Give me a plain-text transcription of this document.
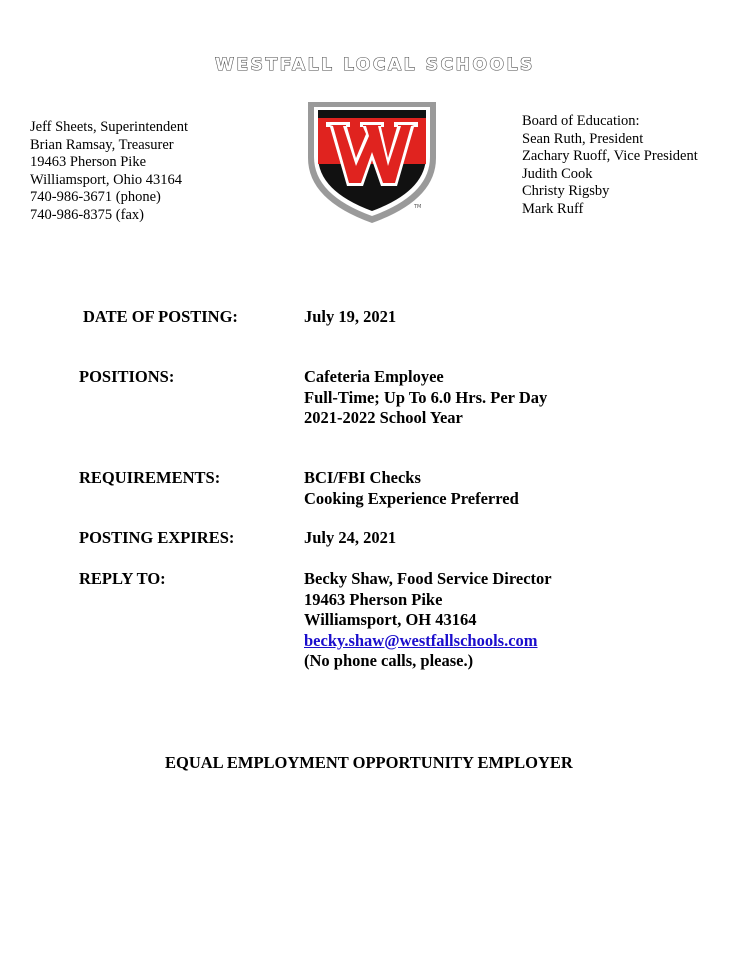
WESTFALL LOCAL SCHOOLS
Jeff Sheets, Superintendent
Brian Ramsay, Treasurer
19463 Pherson Pike
Williamsport, Ohio 43164
740-986-3671 (phone)
740-986-8375 (fax)	TM
Board of Education:
Sean Ruth, President
Zachary Ruoff, Vice President
Judith Cook
Christy Rigsby
Mark Ruff
DATE OF POSTING:	July 19, 2021
POSITIONS:	Cafeteria Employee
Full-Time; Up To 6.0 Hrs. Per Day
2021-2022 School Year
REQUIREMENTS:	BCI/FBI Checks
Cooking Experience Preferred
POSTING EXPIRES:	July 24, 2021
REPLY TO:	Becky Shaw, Food Service Director
19463 Pherson Pike
Williamsport, OH 43164
becky.shaw@westfallschools.com
(No phone calls, please.)
EQUAL EMPLOYMENT OPPORTUNITY EMPLOYER
